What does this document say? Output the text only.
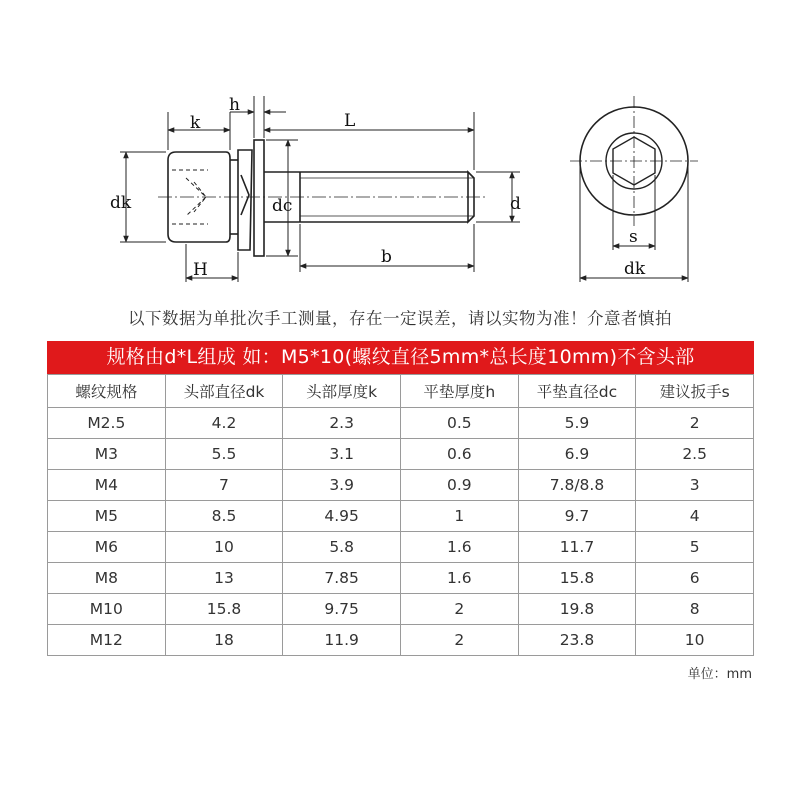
h
k	L
dk	dc	d
H
b
s
dk
以下数据为单批次手工测量，存在一定误差，请以实物为准！介意者慎拍
规格由d*L组成 如：M5*10(螺纹直径5mm*总长度10mm)不含头部
螺纹规格	头部直径dk	头部厚度k	平垫厚度h	平垫直径dc	建议扳手s
M2.5	4.2	2.3	0.5	5.9	2
M3	5.5	3.1	0.6	6.9	2.5
M4	7	3.9	0.9	7.8/8.8	3
M5	8.5	4.95	1	9.7	4
M6	10	5.8	1.6	11.7	5
M8	13	7.85	1.6	15.8	6
M10	15.8	9.75	2	19.8	8
M12	18	11.9	2	23.8	10
单位：mm
